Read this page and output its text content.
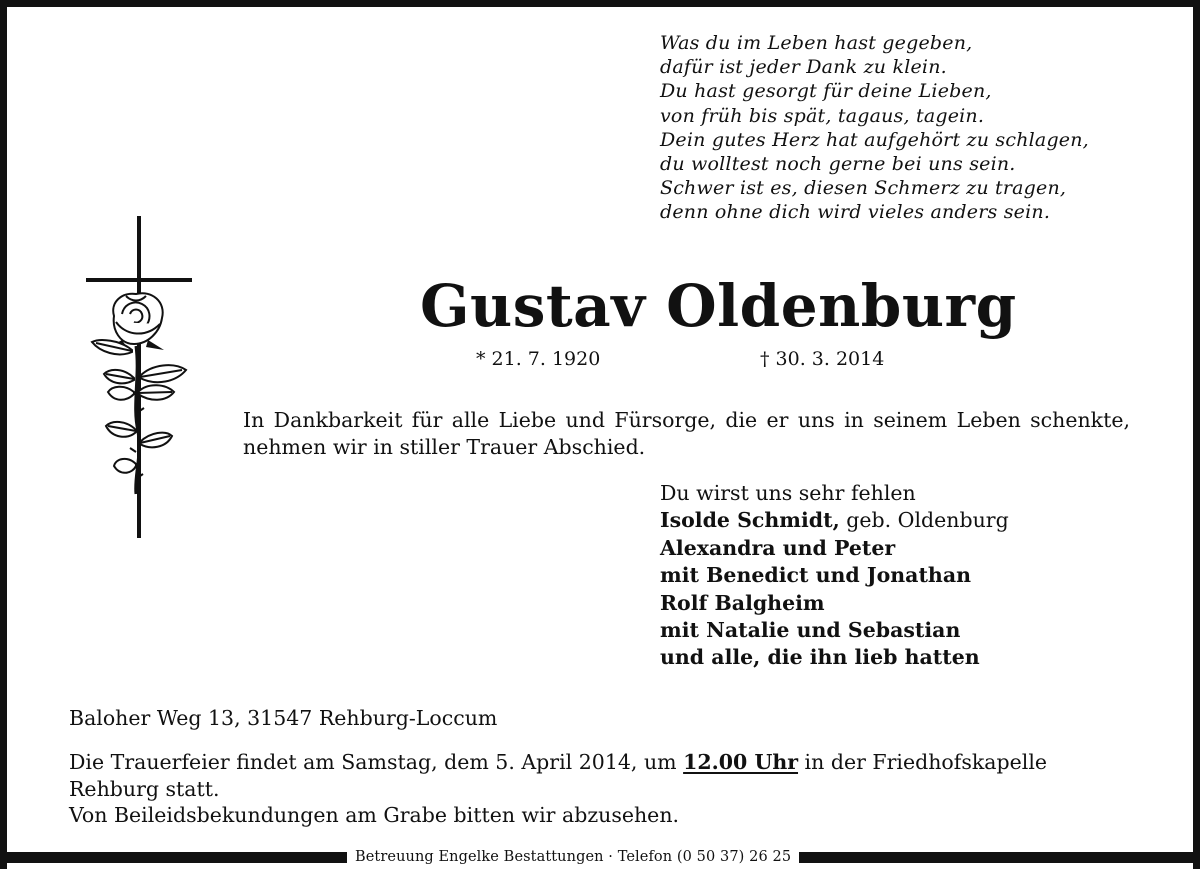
Was du im Leben hast gegeben,
dafür ist jeder Dank zu klein.
Du hast gesorgt für deine Lieben,
von früh bis spät, tagaus, tagein.
Dein gutes Herz hat aufgehört zu schlagen,
du wolltest noch gerne bei uns sein.
Schwer ist es, diesen Schmerz zu tragen,
denn ohne dich wird vieles anders sein.
Gustav Oldenburg
* 21. 7. 1920	† 30. 3. 2014
In Dankbarkeit für alle Liebe und Fürsorge, die er uns in seinem Leben schenkte, nehmen wir in stiller Trauer Abschied.
Du wirst uns sehr fehlen
Isolde Schmidt, geb. Oldenburg
Alexandra und Peter
mit Benedict und Jonathan
Rolf Balgheim
mit Natalie und Sebastian
und alle, die ihn lieb hatten
Baloher Weg 13, 31547 Rehburg-Loccum
Die Trauerfeier findet am Samstag, dem 5. April 2014, um 12.00 Uhr in der Friedhofskapelle Rehburg statt.
Von Beileidsbekundungen am Grabe bitten wir abzusehen.
Betreuung Engelke Bestattungen · Telefon (0 50 37) 26 25
